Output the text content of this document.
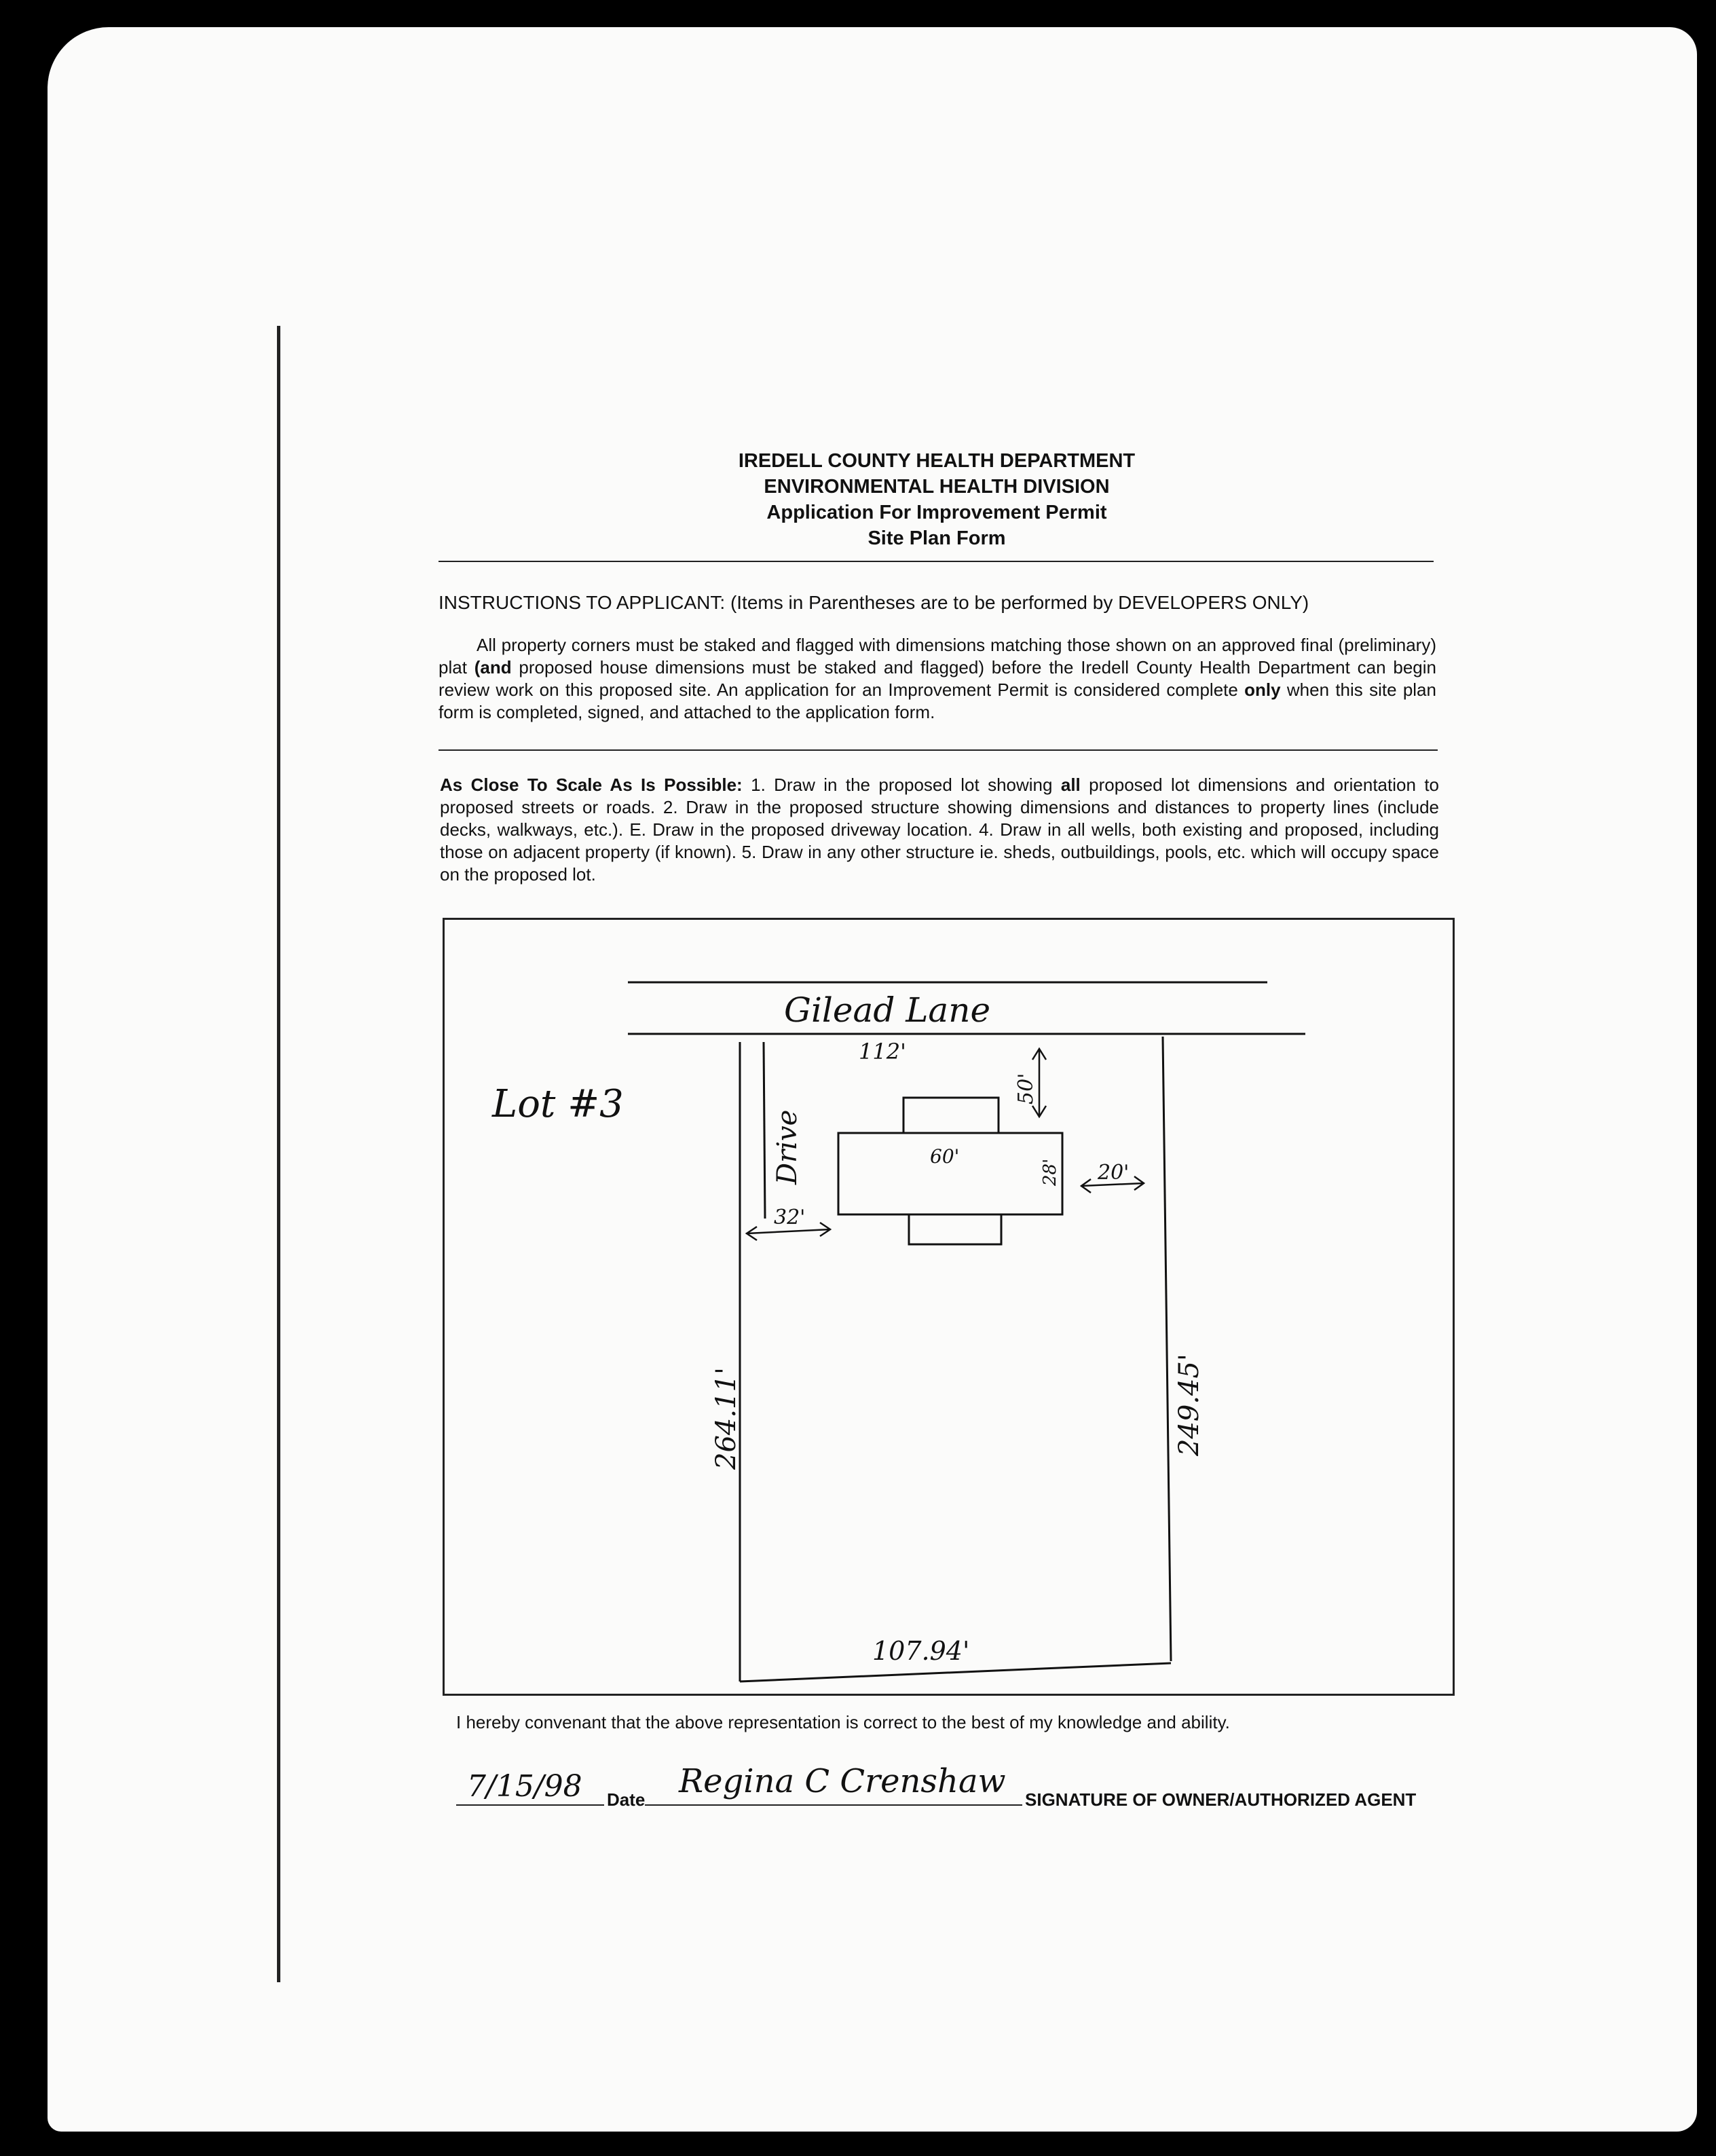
IREDELL COUNTY HEALTH DEPARTMENT
ENVIRONMENTAL HEALTH DIVISION
Application For Improvement Permit
Site Plan Form
INSTRUCTIONS TO APPLICANT: (Items in Parentheses are to be performed by DEVELOPERS ONLY)
All property corners must be staked and flagged with dimensions matching those shown on an approved final (preliminary) plat (and proposed house dimensions must be staked and flagged) before the Iredell County Health Department can begin review work on this proposed site. An application for an Improvement Permit is considered complete only when this site plan form is completed, signed, and attached to the application form.
As Close To Scale As Is Possible: 1. Draw in the proposed lot showing all proposed lot dimensions and orientation to proposed streets or roads. 2. Draw in the proposed structure showing dimensions and distances to property lines (include decks, walkways, etc.). E. Draw in the proposed driveway location. 4. Draw in all wells, both existing and proposed, including those on adjacent property (if known). 5. Draw in any other structure ie. sheds, outbuildings, pools, etc. which will occupy space on the proposed lot.
Gilead Lane
Lot #3
112'
Drive	60'
28'
50'
32'
20'
264.11'	249.45'
107.94'
I hereby convenant that the above representation is correct to the best of my knowledge and ability.
7/15/98 Date Regina C Crenshaw SIGNATURE OF OWNER/AUTHORIZED AGENT
